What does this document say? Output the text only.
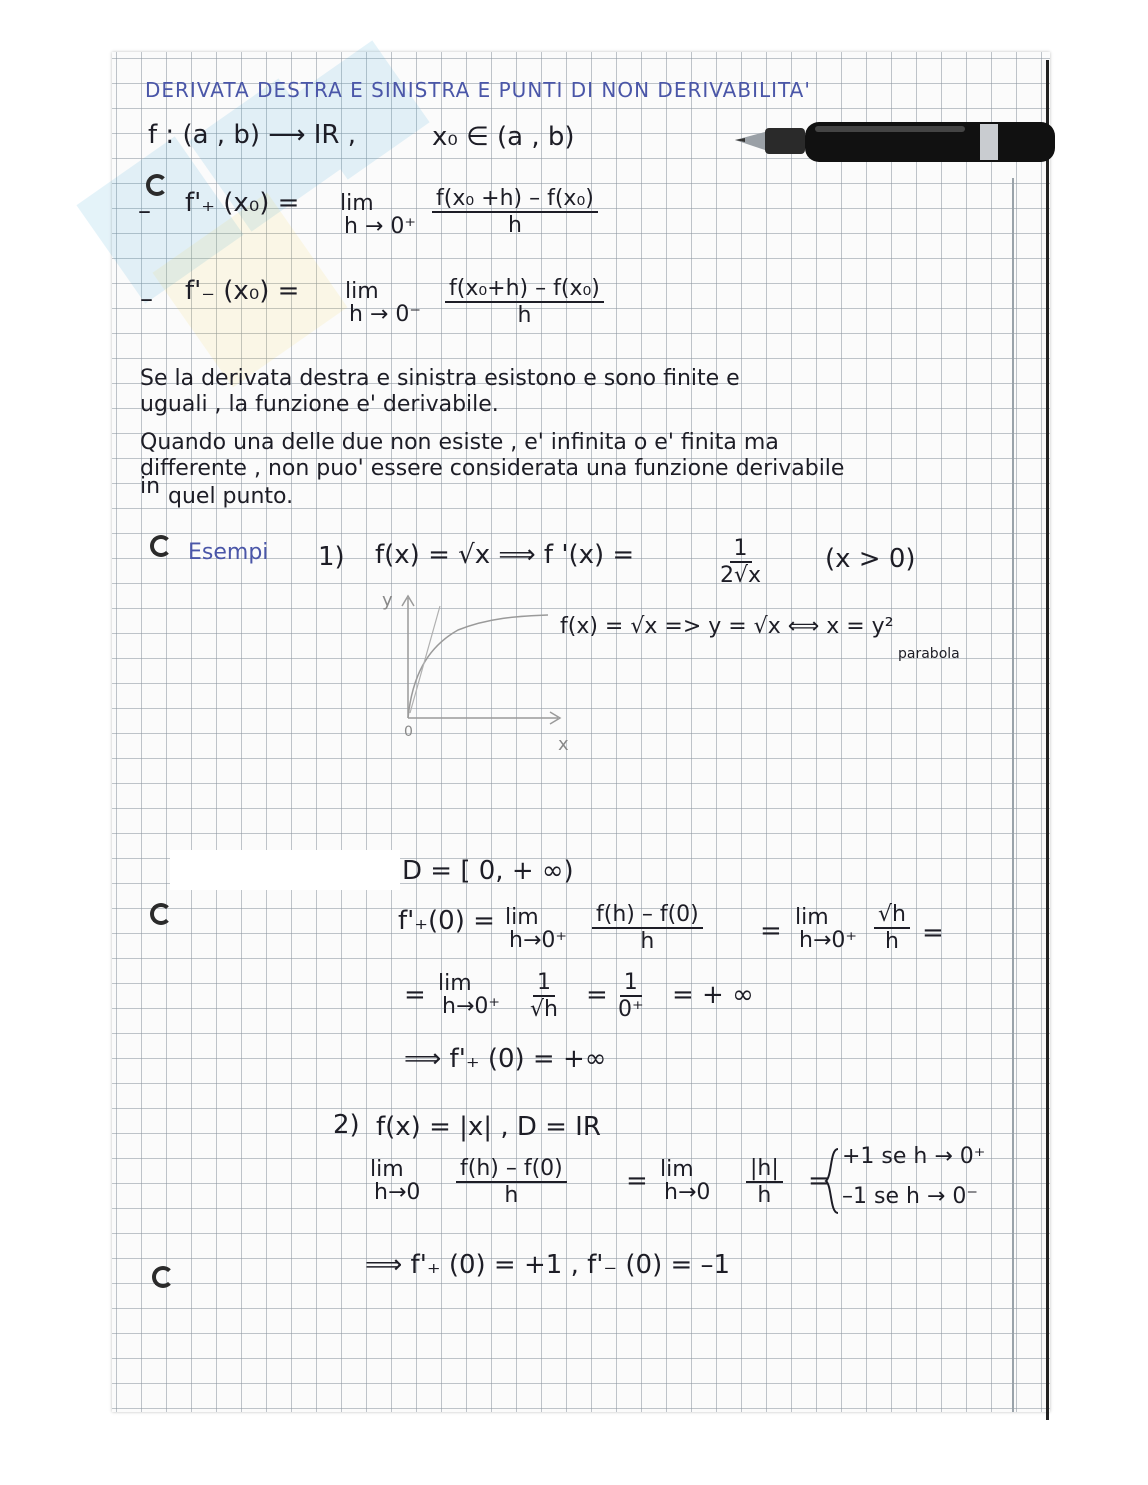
DERIVATA DESTRA E SINISTRA E PUNTI DI NON DERIVABILITA'
f : (a , b) ⟶ IR ,	x₀ ∈ (a , b)
– f'₊ (x₀) = lim
$h \to 0^+ \frac{\text{f(x₀ +h) – f(x₀)}}{h}$
– f'₋ (x₀) = lim
$h \to 0^- \frac{\text{f(x₀+h) – f(x₀)}}{h}$
Se la derivata destra e sinistra esistono e sono finite e
uguali , la funzione e' derivabile.
Quando una delle due non esiste , e' infinita o e' finita ma
differente , non puo' essere considerata una funzione derivabile
in quel punto.
Esempi 1) f(x) = √x ⟹ f '(x) =	$\frac{1}{2√x} (x > 0)$
y
x
0
f(x) = √x => y = √x ⟺ x = y²
parabola
D = [ 0, + ∞)
f'₊(0) = lim
$h\to 0^+ \frac{f(h) - f(0)}{h} = \lim$
$h\to 0^+ \frac{√h}{h}$ =
= lim
$h\to 0^+ \frac{1}{√h} = \frac{1}{0^+}$ = + ∞
⟹ f'₊ (0) = +∞
2) f(x) = |x| , D = IR
lim
$h\to 0 \frac{f(h) - f(0)}{h} = \lim$
$h\to 0 \frac{|h|}{h}$ =
+1 se h → 0⁺
–1 se h → 0⁻
⟹ f'₊ (0) = +1 , f'₋ (0) = –1
